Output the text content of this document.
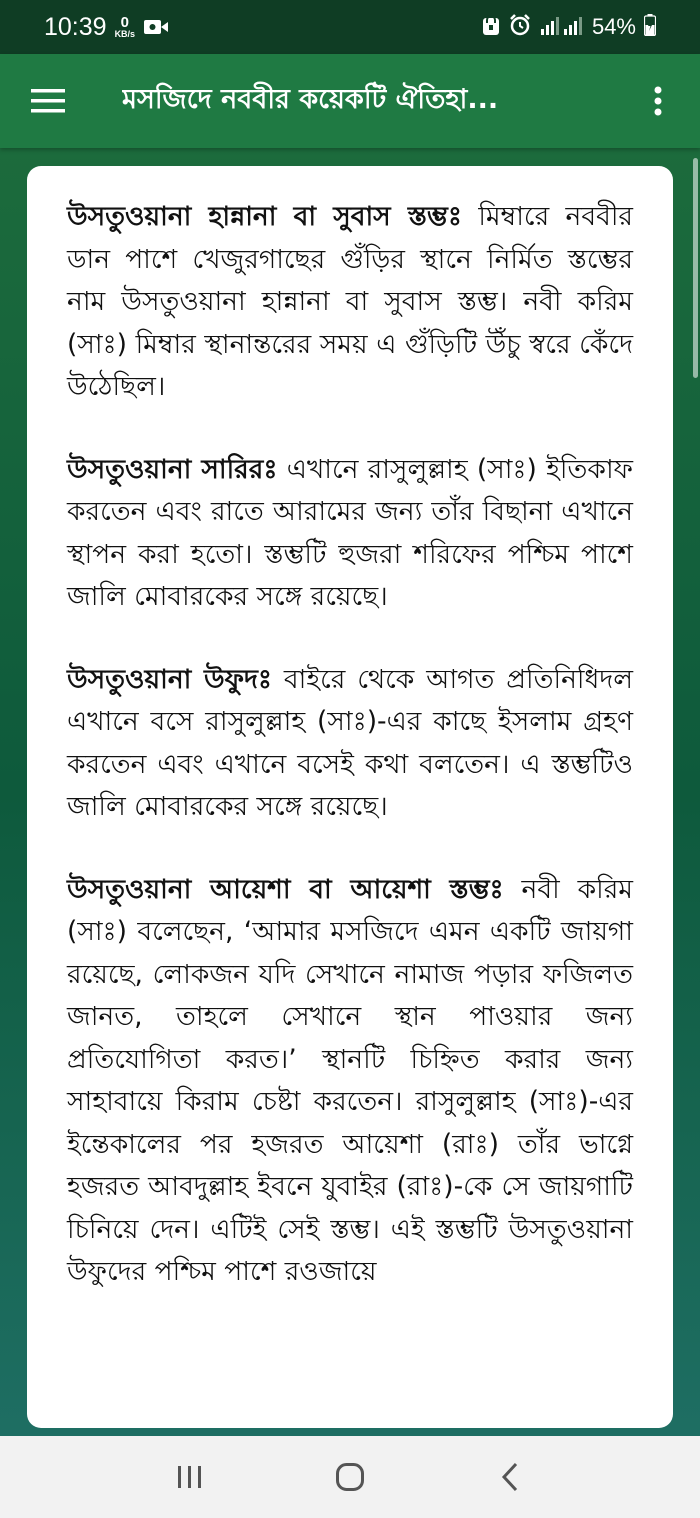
10:39 0
KB/s	54%
মসজিদে নববীর কয়েকটি ঐতিহা...

উসতুওয়ানা হান্নানা বা সুবাস স্তম্ভঃ মিম্বারে নববীর ডান পাশে খেজুরগাছের গুঁড়ির স্থানে নির্মিত স্তম্ভের নাম উসতুওয়ানা হান্নানা বা সুবাস স্তম্ভ। নবী করিম (সাঃ) মিম্বার স্থানান্তরের সময় এ গুঁড়িটি উঁচু স্বরে কেঁদে উঠেছিল।

উসতুওয়ানা সারিরঃ এখানে রাসুলুল্লাহ (সাঃ) ইতিকাফ করতেন এবং রাতে আরামের জন্য তাঁর বিছানা এখানে স্থাপন করা হতো। স্তম্ভটি হুজরা শরিফের পশ্চিম পাশে জালি মোবারকের সঙ্গে রয়েছে।

উসতুওয়ানা উফুদঃ বাইরে থেকে আগত প্রতিনিধিদল এখানে বসে রাসুলুল্লাহ (সাঃ)-এর কাছে ইসলাম গ্রহণ করতেন এবং এখানে বসেই কথা বলতেন। এ স্তম্ভটিও জালি মোবারকের সঙ্গে রয়েছে।

উসতুওয়ানা আয়েশা বা আয়েশা স্তম্ভঃ নবী করিম (সাঃ) বলেছেন, ‘আমার মসজিদে এমন একটি জায়গা রয়েছে, লোকজন যদি সেখানে নামাজ পড়ার ফজিলত জানত, তাহলে সেখানে স্থান পাওয়ার জন্য প্রতিযোগিতা করত।’ স্থানটি চিহ্নিত করার জন্য সাহাবায়ে কিরাম চেষ্টা করতেন। রাসুলুল্লাহ (সাঃ)-এর ইন্তেকালের পর হজরত আয়েশা (রাঃ) তাঁর ভাগ্নে হজরত আবদুল্লাহ ইবনে যুবাইর (রাঃ)-কে সে জায়গাটি চিনিয়ে দেন। এটিই সেই স্তম্ভ। এই স্তম্ভটি উসতুওয়ানা উফুদের পশ্চিম পাশে রওজায়ে
